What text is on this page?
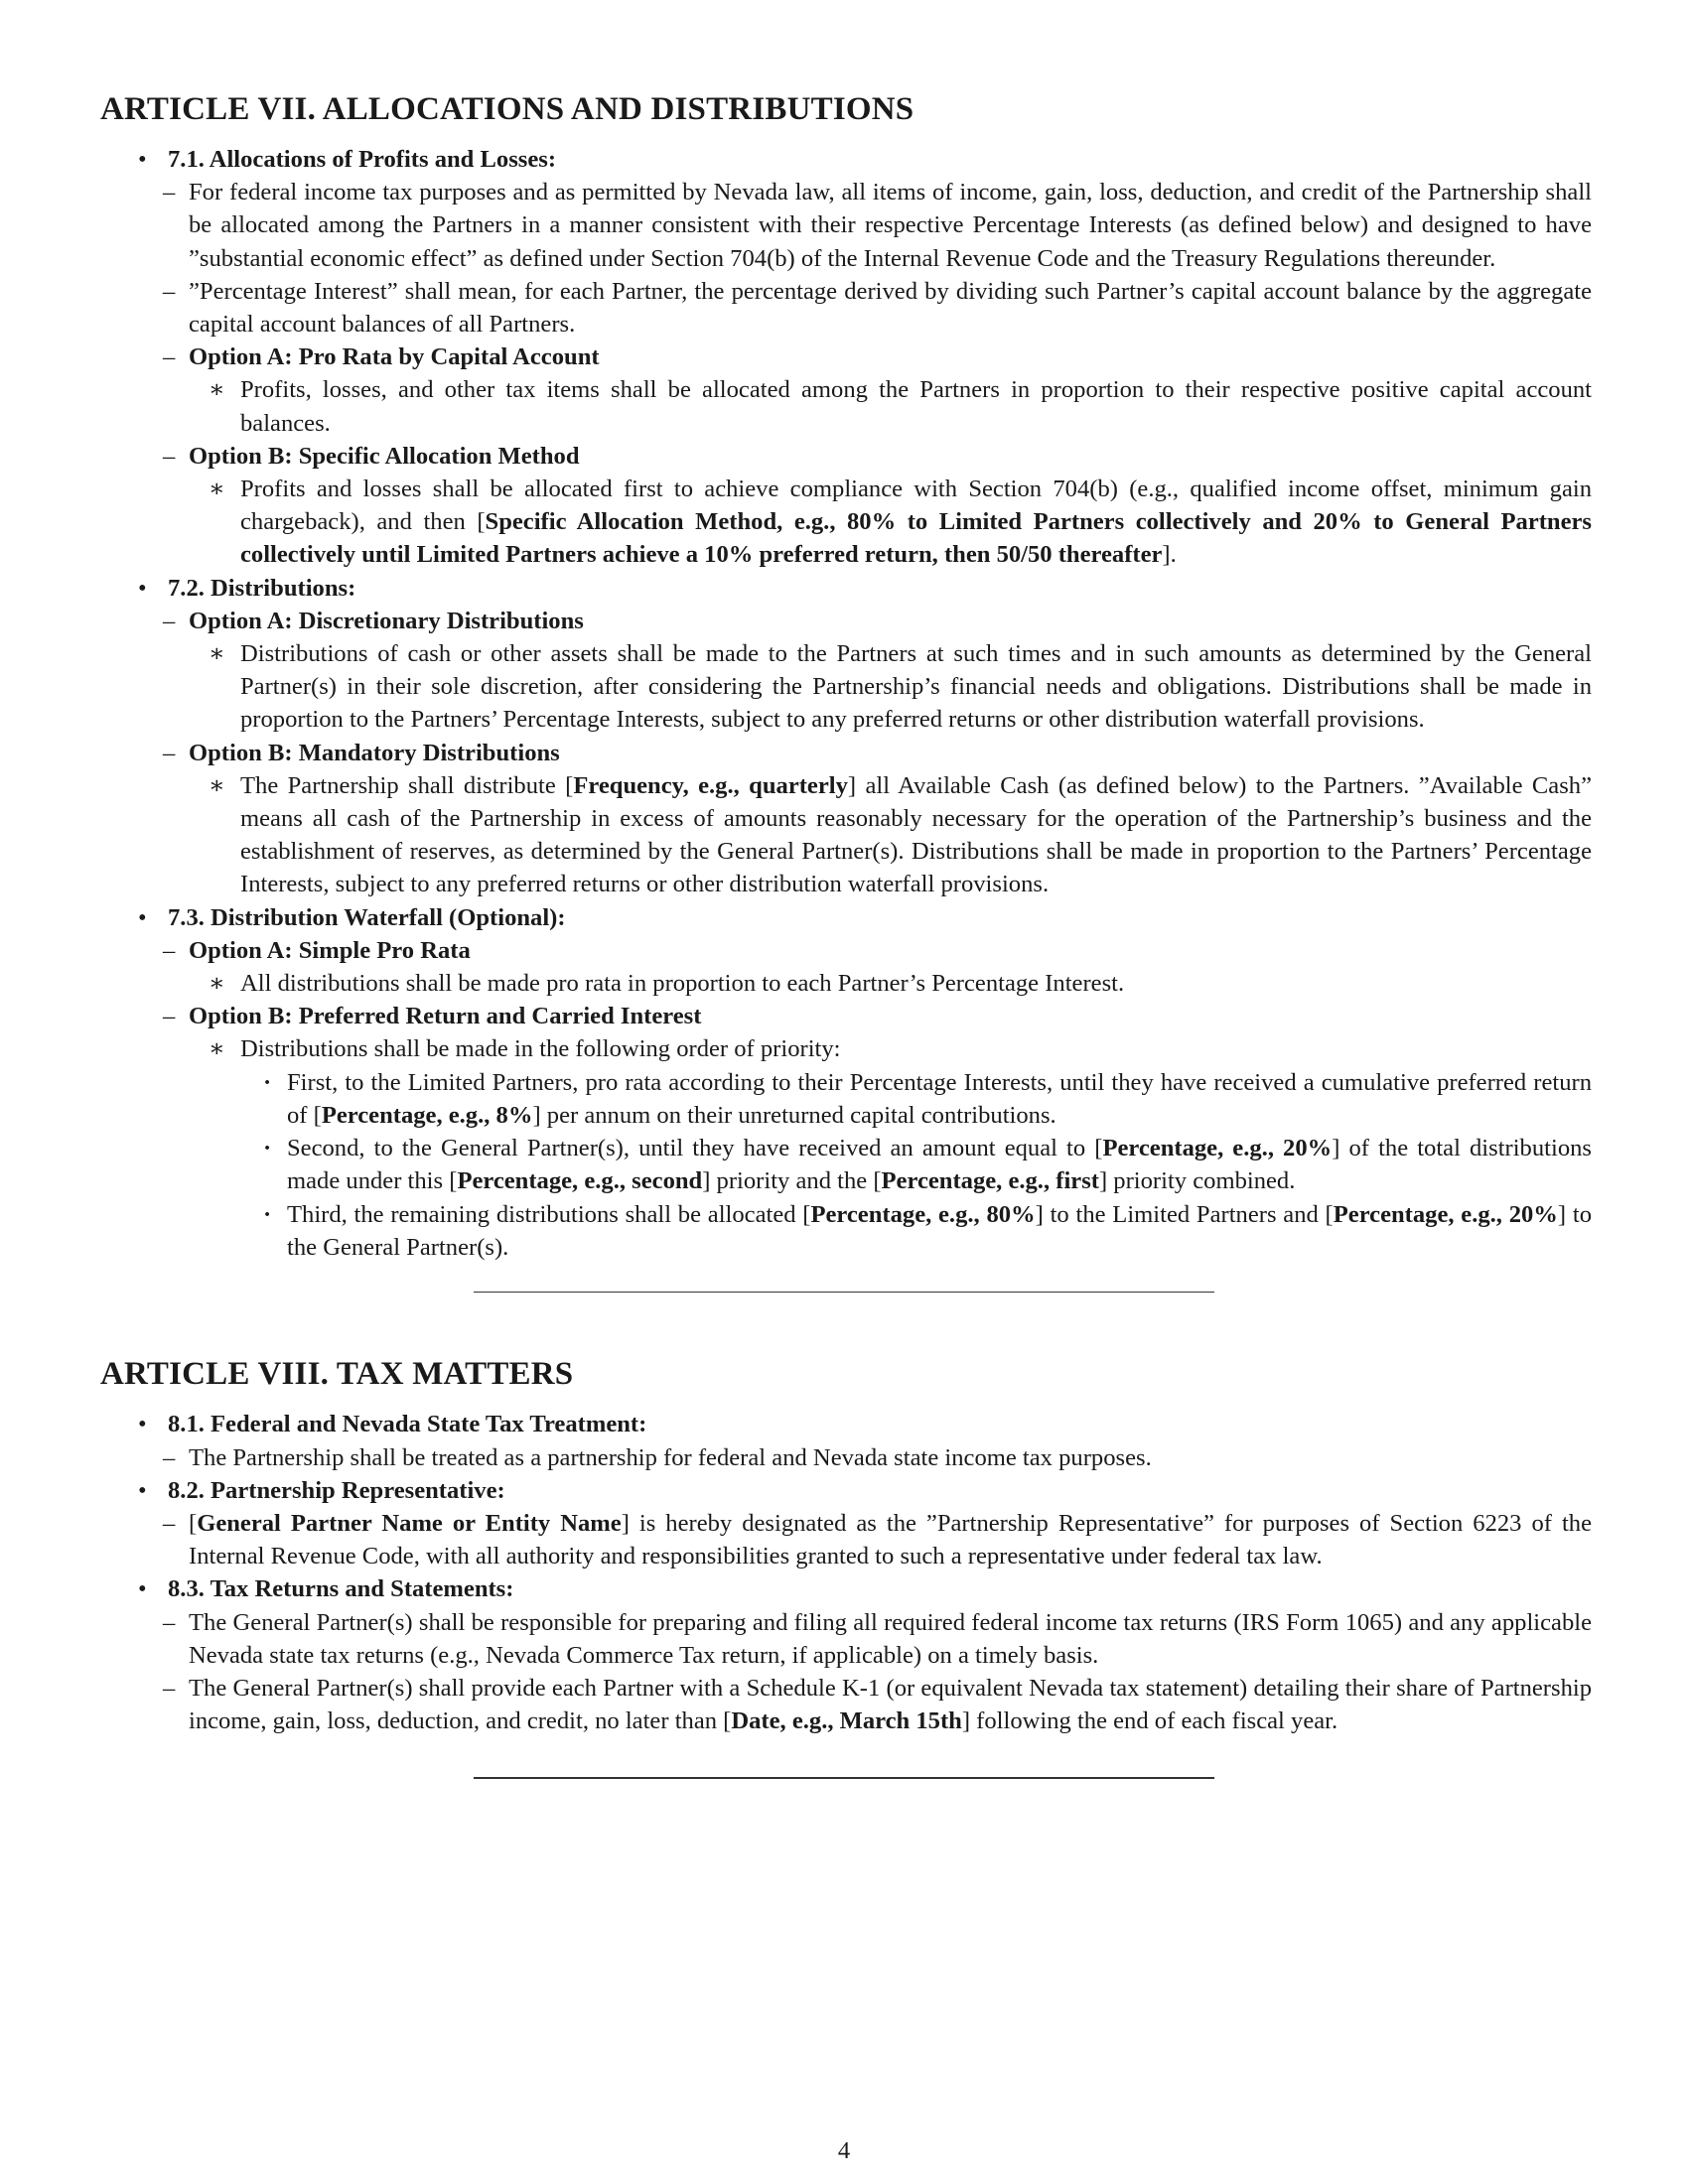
ARTICLE VII. ALLOCATIONS AND DISTRIBUTIONS
• 7.1. Allocations of Profits and Losses:
– For federal income tax purposes and as permitted by Nevada law, all items of income, gain, loss, deduction, and credit of the Partnership shall be allocated among the Partners in a manner consistent with their respective Percentage Interests (as defined below) and designed to have ”substantial economic effect” as defined under Section 704(b) of the Internal Revenue Code and the Treasury Regulations thereunder.
– ”Percentage Interest” shall mean, for each Partner, the percentage derived by dividing such Partner’s capital account balance by the aggregate capital account balances of all Partners.
– Option A: Pro Rata by Capital Account
∗ Profits, losses, and other tax items shall be allocated among the Partners in proportion to their respective positive capital account balances.
– Option B: Specific Allocation Method
∗ Profits and losses shall be allocated first to achieve compliance with Section 704(b) (e.g., qualified income offset, minimum gain chargeback), and then [Specific Allocation Method, e.g., 80% to Limited Partners collectively and 20% to General Partners collectively until Limited Partners achieve a 10% preferred return, then 50/50 thereafter].
• 7.2. Distributions:
– Option A: Discretionary Distributions
∗ Distributions of cash or other assets shall be made to the Partners at such times and in such amounts as determined by the General Partner(s) in their sole discretion, after considering the Partnership’s financial needs and obligations. Distributions shall be made in proportion to the Partners’ Percentage Interests, subject to any preferred returns or other distribution waterfall provisions.
– Option B: Mandatory Distributions
∗ The Partnership shall distribute [Frequency, e.g., quarterly] all Available Cash (as defined below) to the Partners. ”Available Cash” means all cash of the Partnership in excess of amounts reasonably necessary for the operation of the Partnership’s business and the establishment of reserves, as determined by the General Partner(s). Distributions shall be made in proportion to the Partners’ Percentage Interests, subject to any preferred returns or other distribution waterfall provisions.
• 7.3. Distribution Waterfall (Optional):
– Option A: Simple Pro Rata
∗ All distributions shall be made pro rata in proportion to each Partner’s Percentage Interest.
– Option B: Preferred Return and Carried Interest
∗ Distributions shall be made in the following order of priority:
· First, to the Limited Partners, pro rata according to their Percentage Interests, until they have received a cumulative preferred return of [Percentage, e.g., 8%] per annum on their unreturned capital contributions.
· Second, to the General Partner(s), until they have received an amount equal to [Percentage, e.g., 20%] of the total distributions made under this [Percentage, e.g., second] priority and the [Percentage, e.g., first] priority combined.
· Third, the remaining distributions shall be allocated [Percentage, e.g., 80%] to the Limited Partners and [Percentage, e.g., 20%] to the General Partner(s).
ARTICLE VIII. TAX MATTERS
• 8.1. Federal and Nevada State Tax Treatment:
– The Partnership shall be treated as a partnership for federal and Nevada state income tax purposes.
• 8.2. Partnership Representative:
– [General Partner Name or Entity Name] is hereby designated as the ”Partnership Representative” for purposes of Section 6223 of the Internal Revenue Code, with all authority and responsibilities granted to such a representative under federal tax law.
• 8.3. Tax Returns and Statements:
– The General Partner(s) shall be responsible for preparing and filing all required federal income tax returns (IRS Form 1065) and any applicable Nevada state tax returns (e.g., Nevada Commerce Tax return, if applicable) on a timely basis.
– The General Partner(s) shall provide each Partner with a Schedule K-1 (or equivalent Nevada tax statement) detailing their share of Partnership income, gain, loss, deduction, and credit, no later than [Date, e.g., March 15th] following the end of each fiscal year.
4
